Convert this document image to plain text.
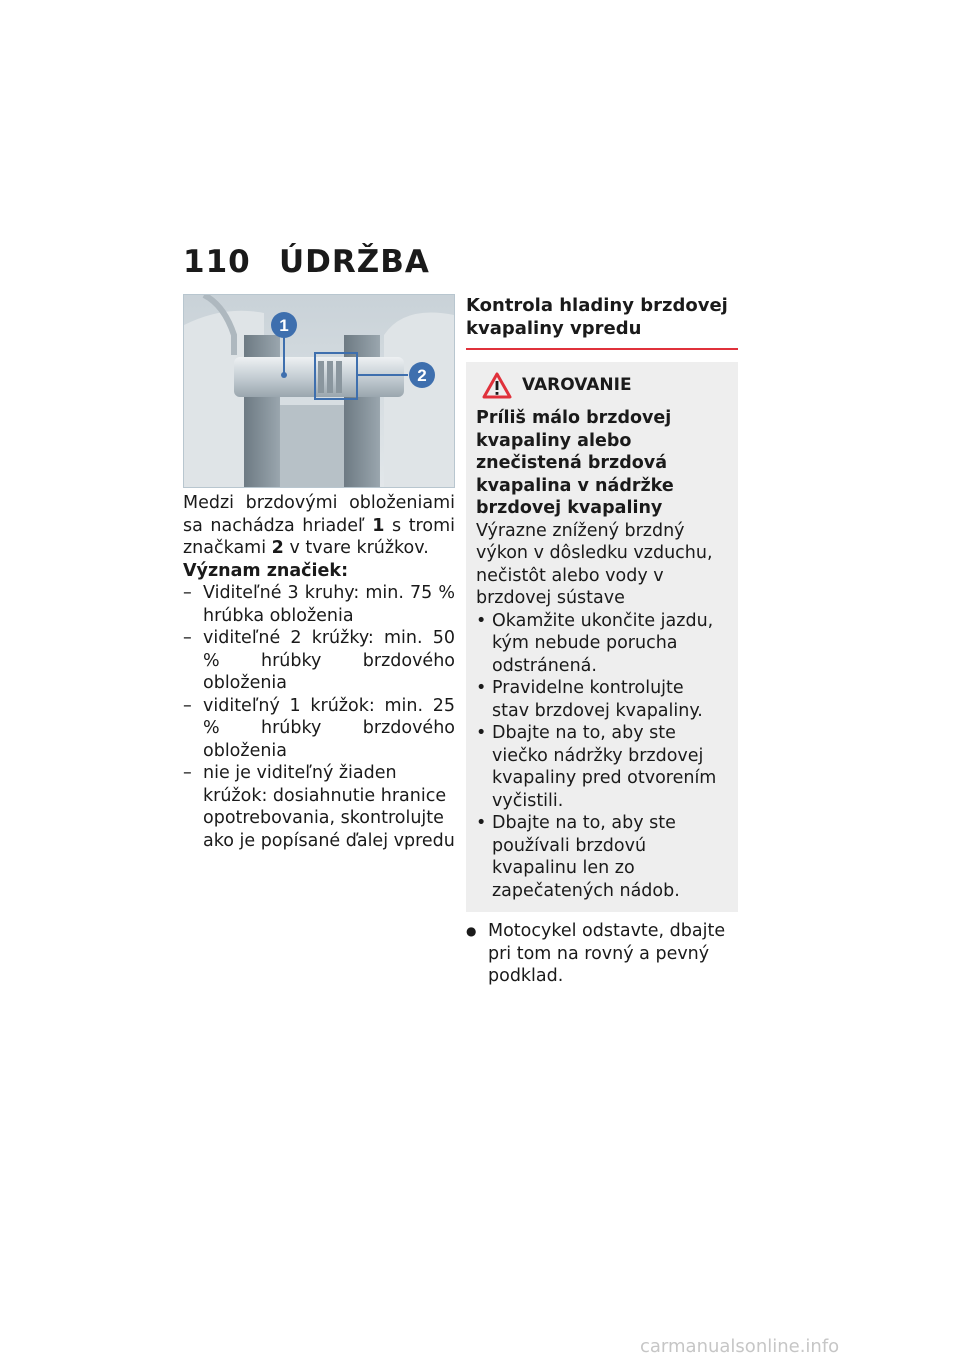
110 ÚDRŽBA
1
2

Medzi brzdovými obloženiami sa nachádza hriadeľ 1 s tromi značkami 2 v tvare krúžkov.

Význam značiek:

– Viditeľné 3 kruhy: min. 75 % hrúbka obloženia
– viditeľné 2 krúžky: min. 50 % hrúbky brzdového obloženia
– viditeľný 1 krúžok: min. 25 % hrúbky brzdového obloženia
– nie je viditeľný žiaden krúžok: dosiahnutie hranice opotrebovania, skontrolujte ako je popísané ďalej vpredu
Kontrola hladiny brzdovej kvapaliny vpredu
VAROVANIE

Príliš málo brzdovej kvapaliny alebo znečistená brzdová kvapalina v nádržke brzdovej kvapaliny

Výrazne znížený brzdný výkon v dôsledku vzduchu, nečistôt alebo vody v brzdovej sústave

• Okamžite ukončite jazdu, kým nebude porucha odstránená.
• Pravidelne kontrolujte stav brzdovej kvapaliny.
• Dbajte na to, aby ste viečko nádržky brzdovej kvapaliny pred otvorením vyčistili.
• Dbajte na to, aby ste používali brzdovú kvapalinu len zo zapečatených nádob.
● Motocykel odstavte, dbajte pri tom na rovný a pevný podklad.
carmanualsonline.info
